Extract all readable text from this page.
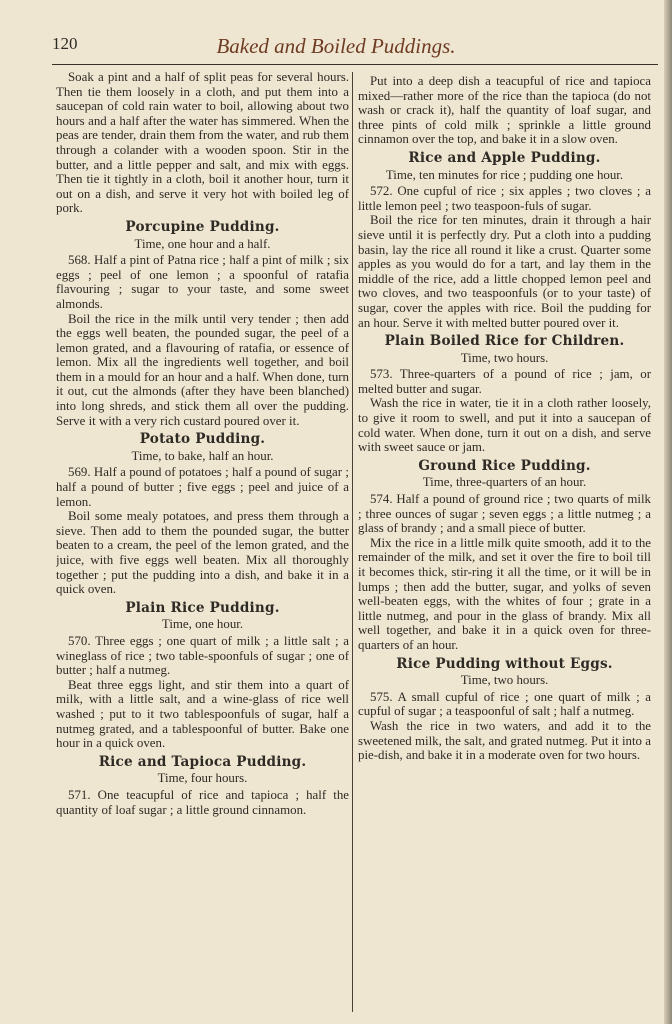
120	Baked and Boiled Puddings.

Soak a pint and a half of split peas for several hours. Then tie them loosely in a cloth, and put them into a saucepan of cold rain water to boil, allowing about two hours and a half after the water has simmered. When the peas are tender, drain them from the water, and rub them through a colander with a wooden spoon. Stir in the butter, and a little pepper and salt, and mix with eggs. Then tie it tightly in a cloth, boil it another hour, turn it out on a dish, and serve it very hot with boiled leg of pork.

Porcupine Pudding.

Time, one hour and a half.

568. Half a pint of Patna rice ; half a pint of milk ; six eggs ; peel of one lemon ; a spoonful of ratafia flavouring ; sugar to your taste, and some sweet almonds.

Boil the rice in the milk until very tender ; then add the eggs well beaten, the pounded sugar, the peel of a lemon grated, and a flavouring of ratafia, or essence of lemon. Mix all the ingredients well together, and boil them in a mould for an hour and a half. When done, turn it out, cut the almonds (after they have been blanched) into long shreds, and stick them all over the pudding. Serve it with a very rich custard poured over it.

Potato Pudding.

Time, to bake, half an hour.

569. Half a pound of potatoes ; half a pound of sugar ; half a pound of butter ; five eggs ; peel and juice of a lemon.

Boil some mealy potatoes, and press them through a sieve. Then add to them the pounded sugar, the butter beaten to a cream, the peel of the lemon grated, and the juice, with five eggs well beaten. Mix all thoroughly together ; put the pudding into a dish, and bake it in a quick oven.

Plain Rice Pudding.

Time, one hour.

570. Three eggs ; one quart of milk ; a little salt ; a wineglass of rice ; two table-spoonfuls of sugar ; one of butter ; half a nutmeg.

Beat three eggs light, and stir them into a quart of milk, with a little salt, and a wine-glass of rice well washed ; put to it two tablespoonfuls of sugar, half a nutmeg grated, and a tablespoonful of butter. Bake one hour in a quick oven.

Rice and Tapioca Pudding.

Time, four hours.

571. One teacupful of rice and tapioca ; half the quantity of loaf sugar ; a little ground cinnamon.

Put into a deep dish a teacupful of rice and tapioca mixed—rather more of the rice than the tapioca (do not wash or crack it), half the quantity of loaf sugar, and three pints of cold milk ; sprinkle a little ground cinnamon over the top, and bake it in a slow oven.

Rice and Apple Pudding.

Time, ten minutes for rice ; pudding one hour.

572. One cupful of rice ; six apples ; two cloves ; a little lemon peel ; two teaspoon-fuls of sugar.

Boil the rice for ten minutes, drain it through a hair sieve until it is perfectly dry. Put a cloth into a pudding basin, lay the rice all round it like a crust. Quarter some apples as you would do for a tart, and lay them in the middle of the rice, add a little chopped lemon peel and two cloves, and two teaspoonfuls (or to your taste) of sugar, cover the apples with rice. Boil the pudding for an hour. Serve it with melted butter poured over it.

Plain Boiled Rice for Children.

Time, two hours.

573. Three-quarters of a pound of rice ; jam, or melted butter and sugar.

Wash the rice in water, tie it in a cloth rather loosely, to give it room to swell, and put it into a saucepan of cold water. When done, turn it out on a dish, and serve with sweet sauce or jam.

Ground Rice Pudding.

Time, three-quarters of an hour.

574. Half a pound of ground rice ; two quarts of milk ; three ounces of sugar ; seven eggs ; a little nutmeg ; a glass of brandy ; and a small piece of butter.

Mix the rice in a little milk quite smooth, add it to the remainder of the milk, and set it over the fire to boil till it becomes thick, stir-ring it all the time, or it will be in lumps ; then add the butter, sugar, and yolks of seven well-beaten eggs, with the whites of four ; grate in a little nutmeg, and pour in the glass of brandy. Mix all well together, and bake it in a quick oven for three-quarters of an hour.

Rice Pudding without Eggs.

Time, two hours.

575. A small cupful of rice ; one quart of milk ; a cupful of sugar ; a teaspoonful of salt ; half a nutmeg.

Wash the rice in two waters, and add it to the sweetened milk, the salt, and grated nutmeg. Put it into a pie-dish, and bake it in a moderate oven for two hours.
